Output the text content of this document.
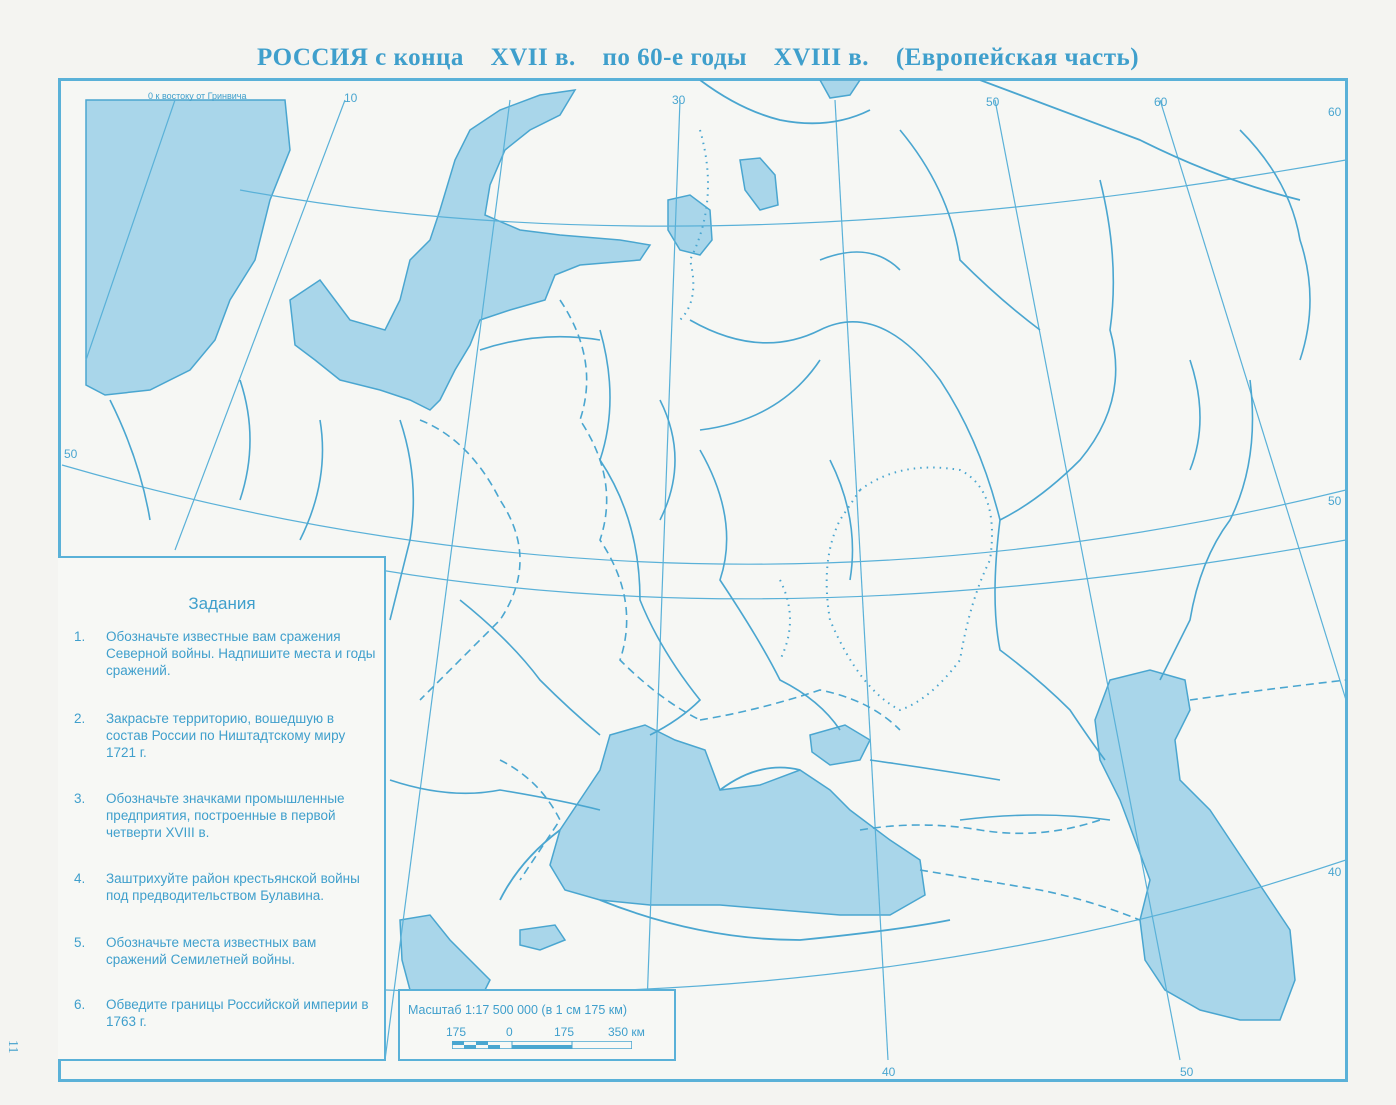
РОССИЯ с конца XVII в. по 60-е годы XVIII в. (Европейская часть)
10	30	50	60
40	50
50
60
50
40
0 к востоку от Гринвича
Задания
1.	Обозначьте известные вам сражения Северной войны. Надпишите места и годы сражений.
2.	Закрасьте территорию, вошедшую в состав России по Ништадтскому миру 1721 г.
3.	Обозначьте значками промышленные предприятия, построенные в первой четверти XVIII в.
4.	Заштрихуйте район крестьянской войны под предводительством Булавина.
5.	Обозначьте места известных вам сражений Семилетней войны.
6.	Обведите границы Российской империи в 1763 г.
Масштаб 1:17 500 000 (в 1 см 175 км)
175	0	175	350 км
11
